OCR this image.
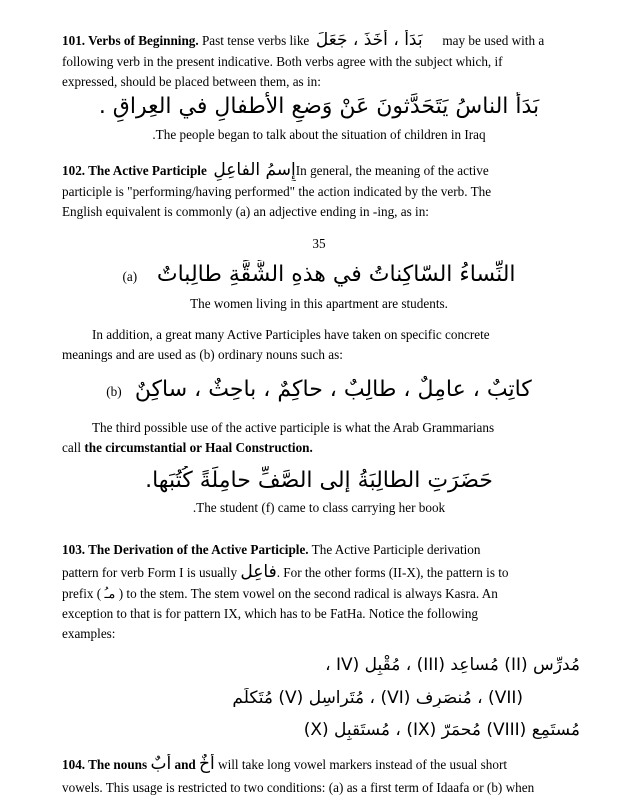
101. Verbs of Beginning. Past tense verbs like  بَدَأَ ، أَخَذَ ، جَعَلَ      may be used with a
following verb in the present indicative. Both verbs agree with the subject which, if
expressed, should be placed between them, as in:
بَدَأَ الناسُ يَتَحَدَّثونَ عَنْ وَضعِ الأطفالِ في العِراقِ .
.The people began to talk about the situation of children in Iraq
102. The Active Participle إِسمُ الفاعِلِIn general, the meaning of the active
participle is "performing/having performed" the action indicated by the verb. The
English equivalent is commonly (a) an adjective ending in -ing, as in:
35
(a) النِّساءُ السّاكِناتُ في هذهِ الشَّقَّةِ طالِباتٌ
The women living in this apartment are students.
In addition, a great many Active Participles have taken on specific concrete
meanings and are used as (b) ordinary nouns such as:
(b) كاتِبٌ ، عامِلٌ ، طالِبٌ ، حاكِمٌ ، باحِثٌ ، ساكِنٌ
The third possible use of the active participle is what the Arab Grammarians
call the circumstantial or Haal Construction.
حَضَرَتِ الطالِبَةُ إلى الصَّفِّ حامِلَةً كُتُبَها.
.The student (f) came to class carrying her book
103. The Derivation of the Active Participle. The Active Participle derivation
pattern for verb Form I is usually فاعِل. For the other forms (II-X), the pattern is to
prefix ( مـُ ) to the stem. The stem vowel on the second radical is always Kasra. An
exception to that is for pattern IX, which has to be FatHa. Notice the following
examples:
مُدرِّس (II) مُساعِد (III) ، مُقْبِل (IV ،
(VII) ، مُنصَرِف (VI) ، مُتَراسِل (V) مُتَكلِّم
مُستَمِع (VIII) مُحمَرّ (IX) ، مُستَقبِل (X)
104. The nouns أَبٌ and أَخٌ will take long vowel markers instead of the usual short
vowels. This usage is restricted to two conditions: (a) as a first term of Idaafa or (b) when
